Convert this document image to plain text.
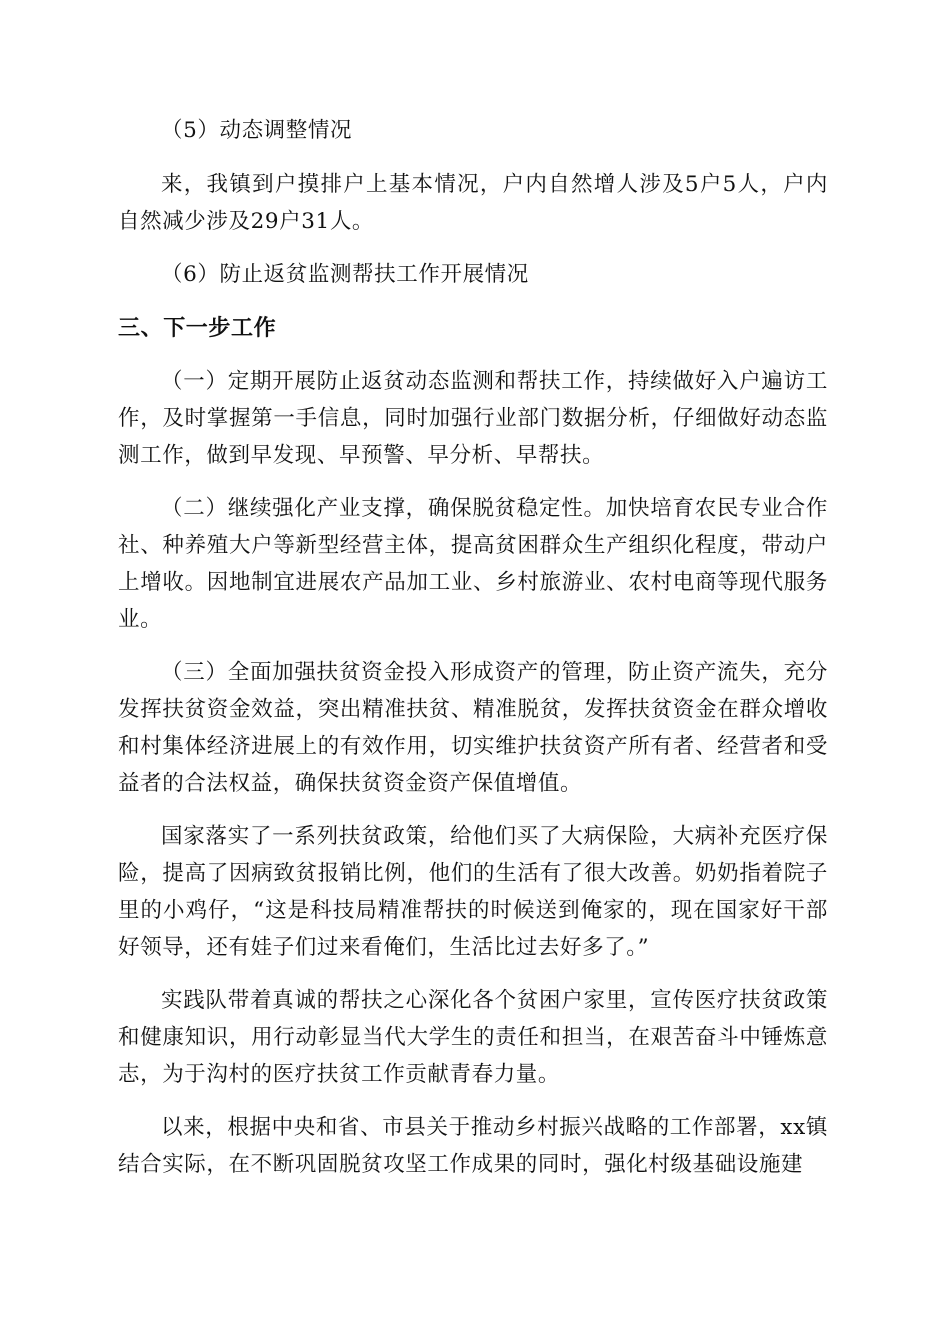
（5）动态调整情况

来，我镇到户摸排户上基本情况，户内自然增人涉及5户5人，户内自然减少涉及29户31人。

（6）防止返贫监测帮扶工作开展情况

三、下一步工作

（一）定期开展防止返贫动态监测和帮扶工作，持续做好入户遍访工作，及时掌握第一手信息，同时加强行业部门数据分析，仔细做好动态监测工作，做到早发现、早预警、早分析、早帮扶。

（二）继续强化产业支撑，确保脱贫稳定性。加快培育农民专业合作社、种养殖大户等新型经营主体，提高贫困群众生产组织化程度，带动户上增收。因地制宜进展农产品加工业、乡村旅游业、农村电商等现代服务业。

（三）全面加强扶贫资金投入形成资产的管理，防止资产流失，充分发挥扶贫资金效益，突出精准扶贫、精准脱贫，发挥扶贫资金在群众增收和村集体经济进展上的有效作用，切实维护扶贫资产所有者、经营者和受益者的合法权益，确保扶贫资金资产保值增值。

国家落实了一系列扶贫政策，给他们买了大病保险，大病补充医疗保险，提高了因病致贫报销比例，他们的生活有了很大改善。奶奶指着院子里的小鸡仔，“这是科技局精准帮扶的时候送到俺家的，现在国家好干部好领导，还有娃子们过来看俺们，生活比过去好多了。”

实践队带着真诚的帮扶之心深化各个贫困户家里，宣传医疗扶贫政策和健康知识，用行动彰显当代大学生的责任和担当，在艰苦奋斗中锤炼意志，为于沟村的医疗扶贫工作贡献青春力量。

以来，根据中央和省、市县关于推动乡村振兴战略的工作部署，xx镇结合实际，在不断巩固脱贫攻坚工作成果的同时，强化村级基础设施建
